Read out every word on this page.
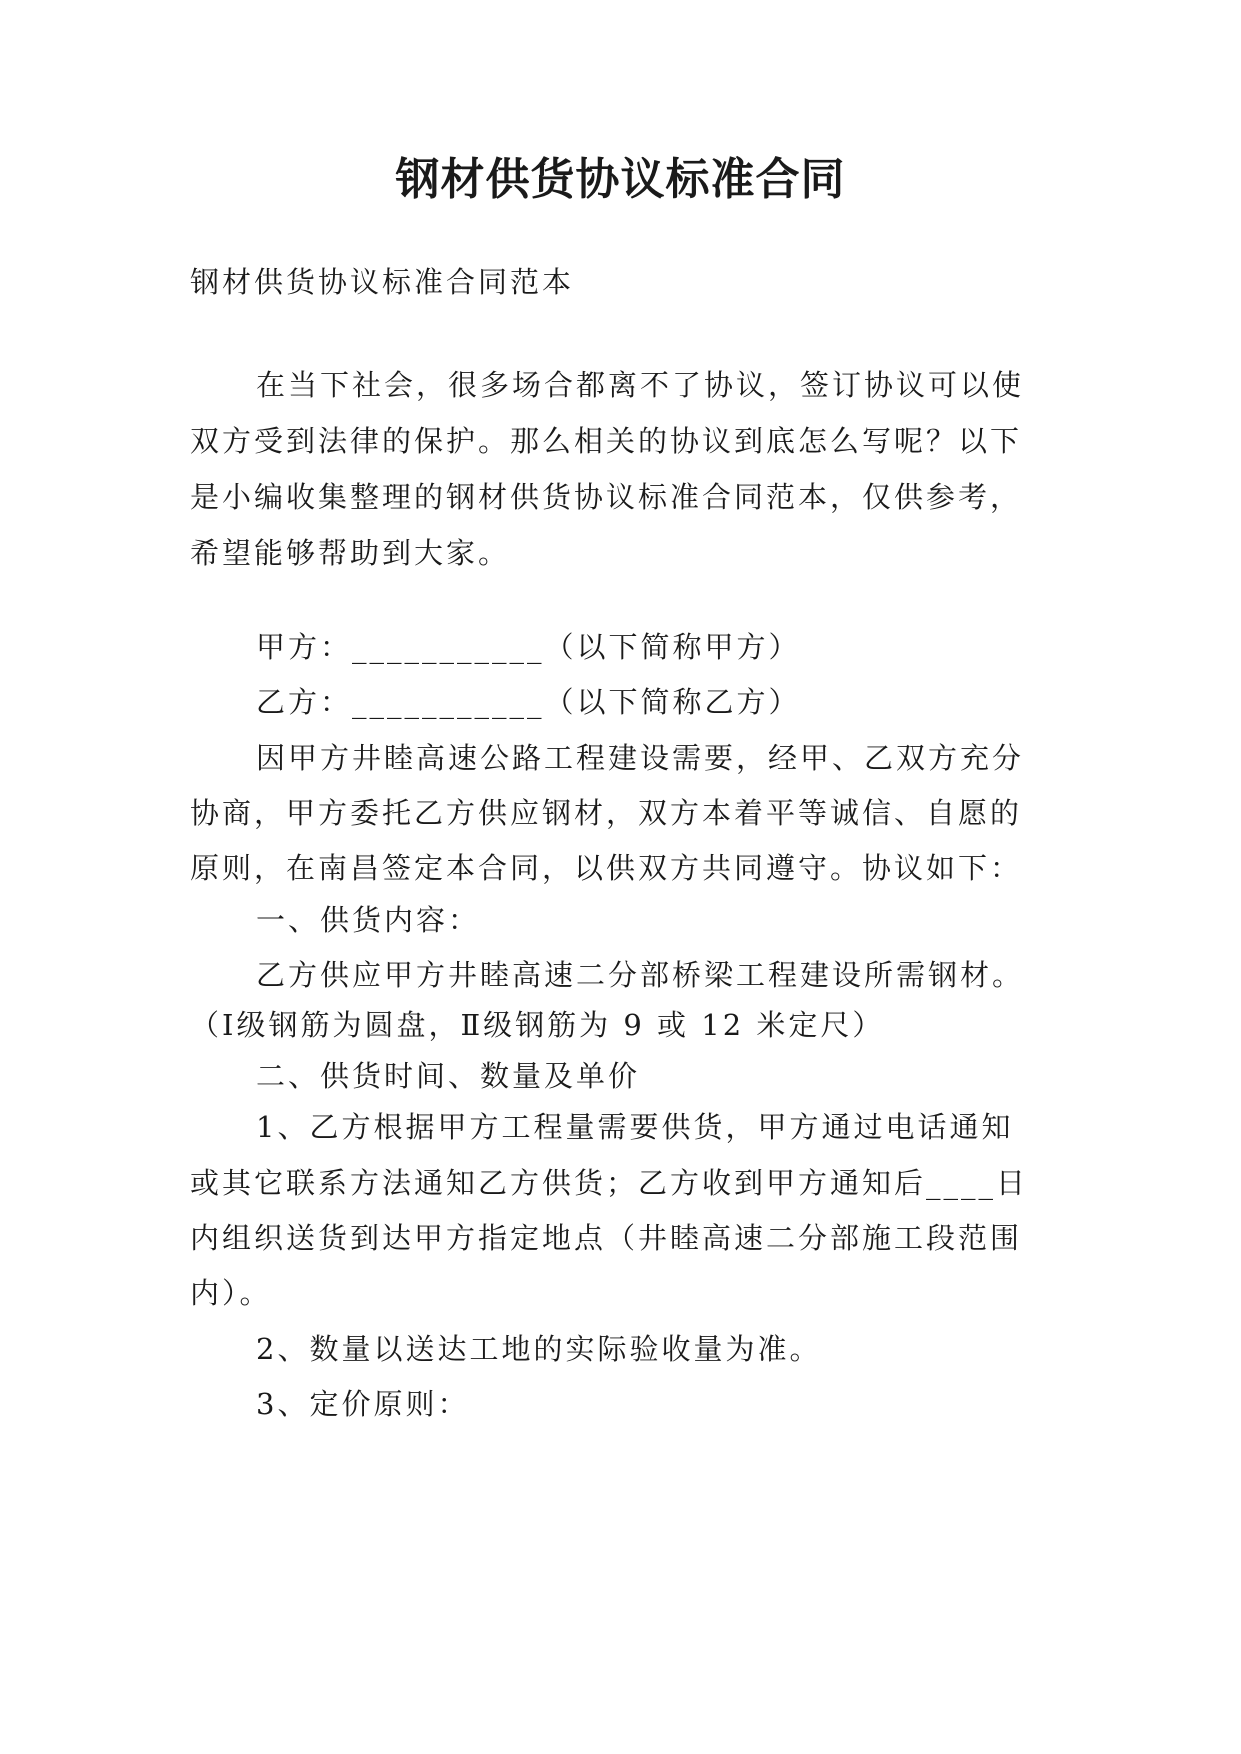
钢材供货协议标准合同
钢材供货协议标准合同范本
在当下社会，很多场合都离不了协议，签订协议可以使
双方受到法律的保护。那么相关的协议到底怎么写呢？以下
是小编收集整理的钢材供货协议标准合同范本，仅供参考，
希望能够帮助到大家。
甲方：___________（以下简称甲方）
乙方：___________（以下简称乙方）
因甲方井睦高速公路工程建设需要，经甲、乙双方充分
协商，甲方委托乙方供应钢材，双方本着平等诚信、自愿的
原则，在南昌签定本合同，以供双方共同遵守。协议如下：
一、供货内容：
乙方供应甲方井睦高速二分部桥梁工程建设所需钢材。
（Ⅰ级钢筋为圆盘，Ⅱ级钢筋为 9 或 12 米定尺）
二、供货时间、数量及单价
1、乙方根据甲方工程量需要供货，甲方通过电话通知
或其它联系方法通知乙方供货；乙方收到甲方通知后____日
内组织送货到达甲方指定地点（井睦高速二分部施工段范围
内）。
2、数量以送达工地的实际验收量为准。
3、定价原则：
